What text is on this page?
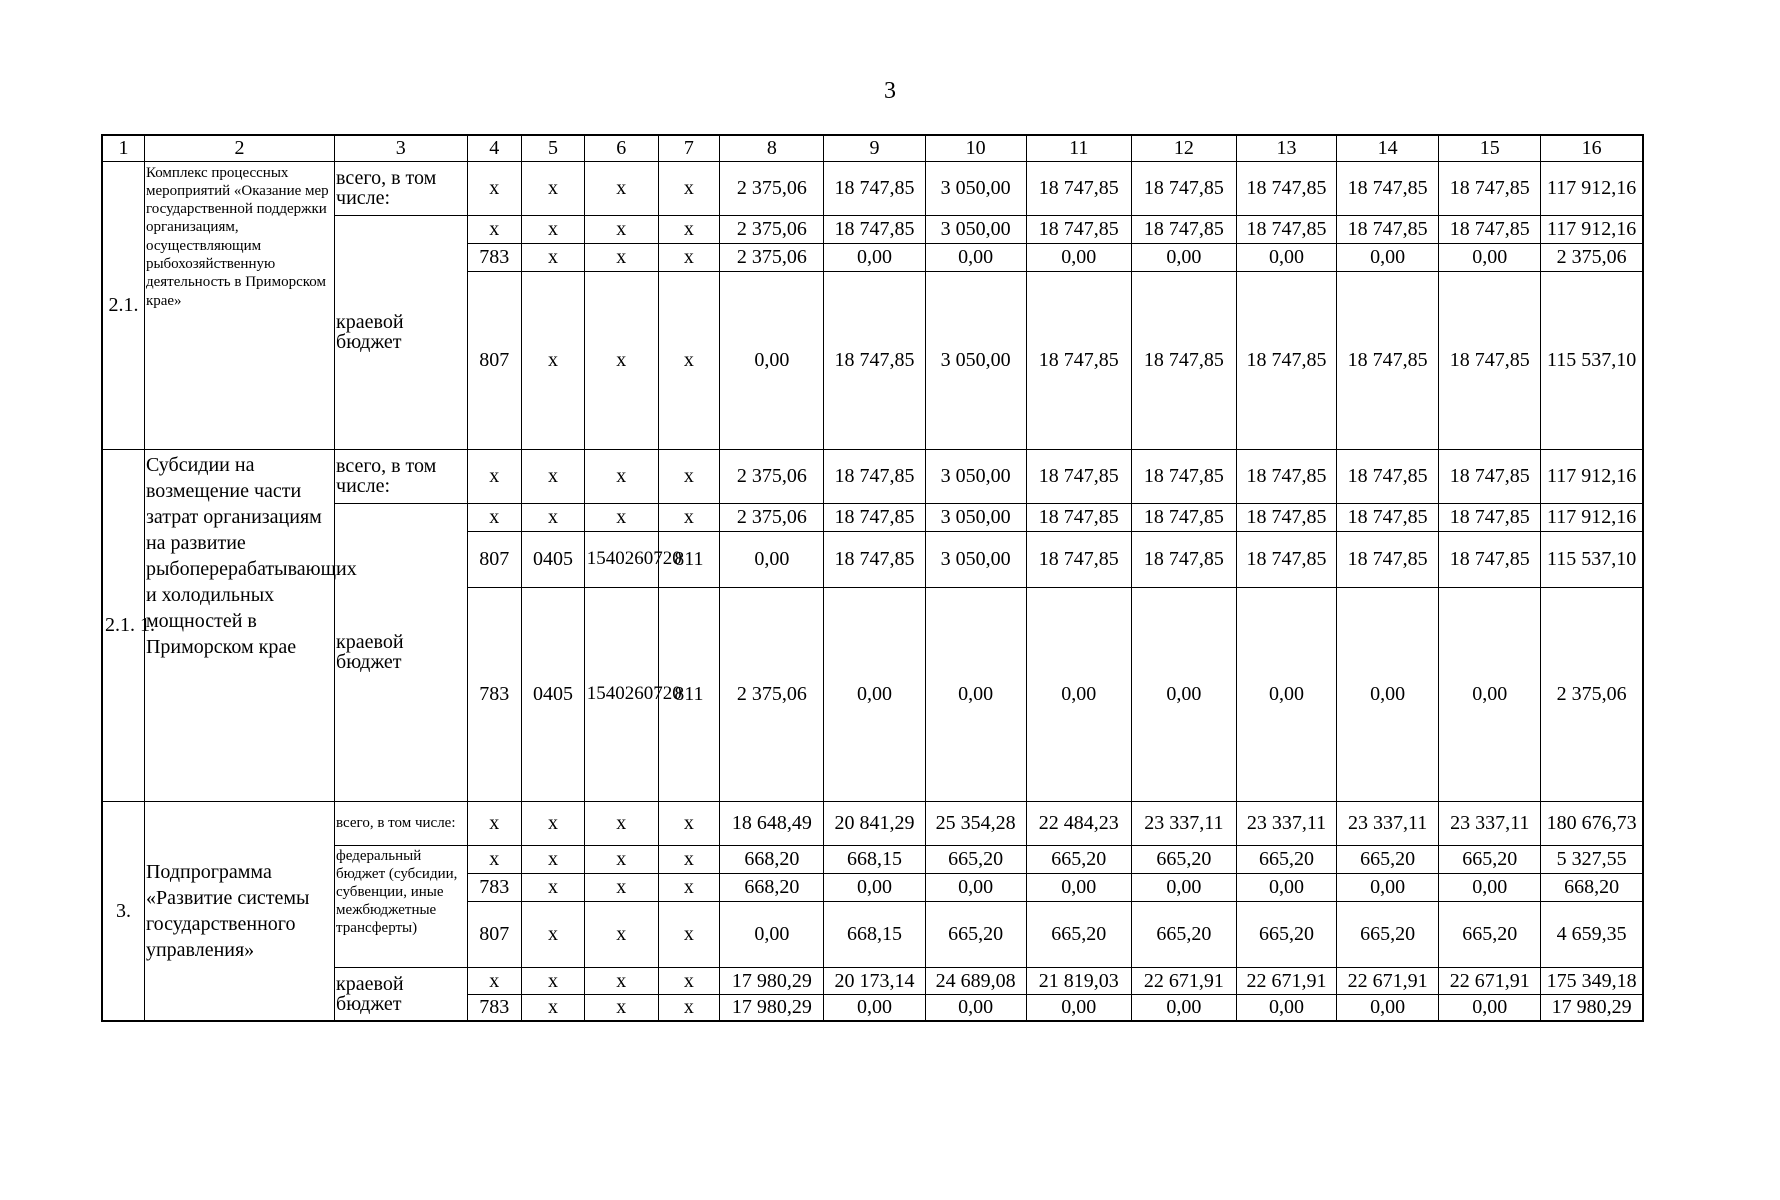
3
1	2	3	4	5	6	7	8	9	10	11	12	13	14	15	16
2.1.	Комплекс процессных мероприятий «Оказание мер государственной поддержки организациям, осуществляющим рыбохозяйственную деятельность в Приморском крае»	всего, в том числе:	x	x	x	x	2 375,06	18 747,85	3 050,00	18 747,85	18 747,85	18 747,85	18 747,85	18 747,85	117 912,16
		краевой бюджет	x	x	x	x	2 375,06	18 747,85	3 050,00	18 747,85	18 747,85	18 747,85	18 747,85	18 747,85	117 912,16
			783	x	x	x	2 375,06	0,00	0,00	0,00	0,00	0,00	0,00	0,00	2 375,06
			807	x	x	x	0,00	18 747,85	3 050,00	18 747,85	18 747,85	18 747,85	18 747,85	18 747,85	115 537,10
2.1. 1.	Субсидии на возмещение части затрат организациям на развитие рыбоперерабатывающих и холодильных мощностей в Приморском крае	всего, в том числе:	x	x	x	x	2 375,06	18 747,85	3 050,00	18 747,85	18 747,85	18 747,85	18 747,85	18 747,85	117 912,16
		краевой бюджет	x	x	x	x	2 375,06	18 747,85	3 050,00	18 747,85	18 747,85	18 747,85	18 747,85	18 747,85	117 912,16
			807	0405	1540260720	811	0,00	18 747,85	3 050,00	18 747,85	18 747,85	18 747,85	18 747,85	18 747,85	115 537,10
			783	0405	1540260720	811	2 375,06	0,00	0,00	0,00	0,00	0,00	0,00	0,00	2 375,06
3.	Подпрограмма «Развитие системы государственного управления»	всего, в том числе:	x	x	x	x	18 648,49	20 841,29	25 354,28	22 484,23	23 337,11	23 337,11	23 337,11	23 337,11	180 676,73
		федеральный бюджет (субсидии, субвенции, иные межбюджетные трансферты)	x	x	x	x	668,20	668,15	665,20	665,20	665,20	665,20	665,20	665,20	5 327,55
			783	x	x	x	668,20	0,00	0,00	0,00	0,00	0,00	0,00	0,00	668,20
			807	x	x	x	0,00	668,15	665,20	665,20	665,20	665,20	665,20	665,20	4 659,35
		краевой бюджет	x	x	x	x	17 980,29	20 173,14	24 689,08	21 819,03	22 671,91	22 671,91	22 671,91	22 671,91	175 349,18
			783	x	x	x	17 980,29	0,00	0,00	0,00	0,00	0,00	0,00	0,00	17 980,29
